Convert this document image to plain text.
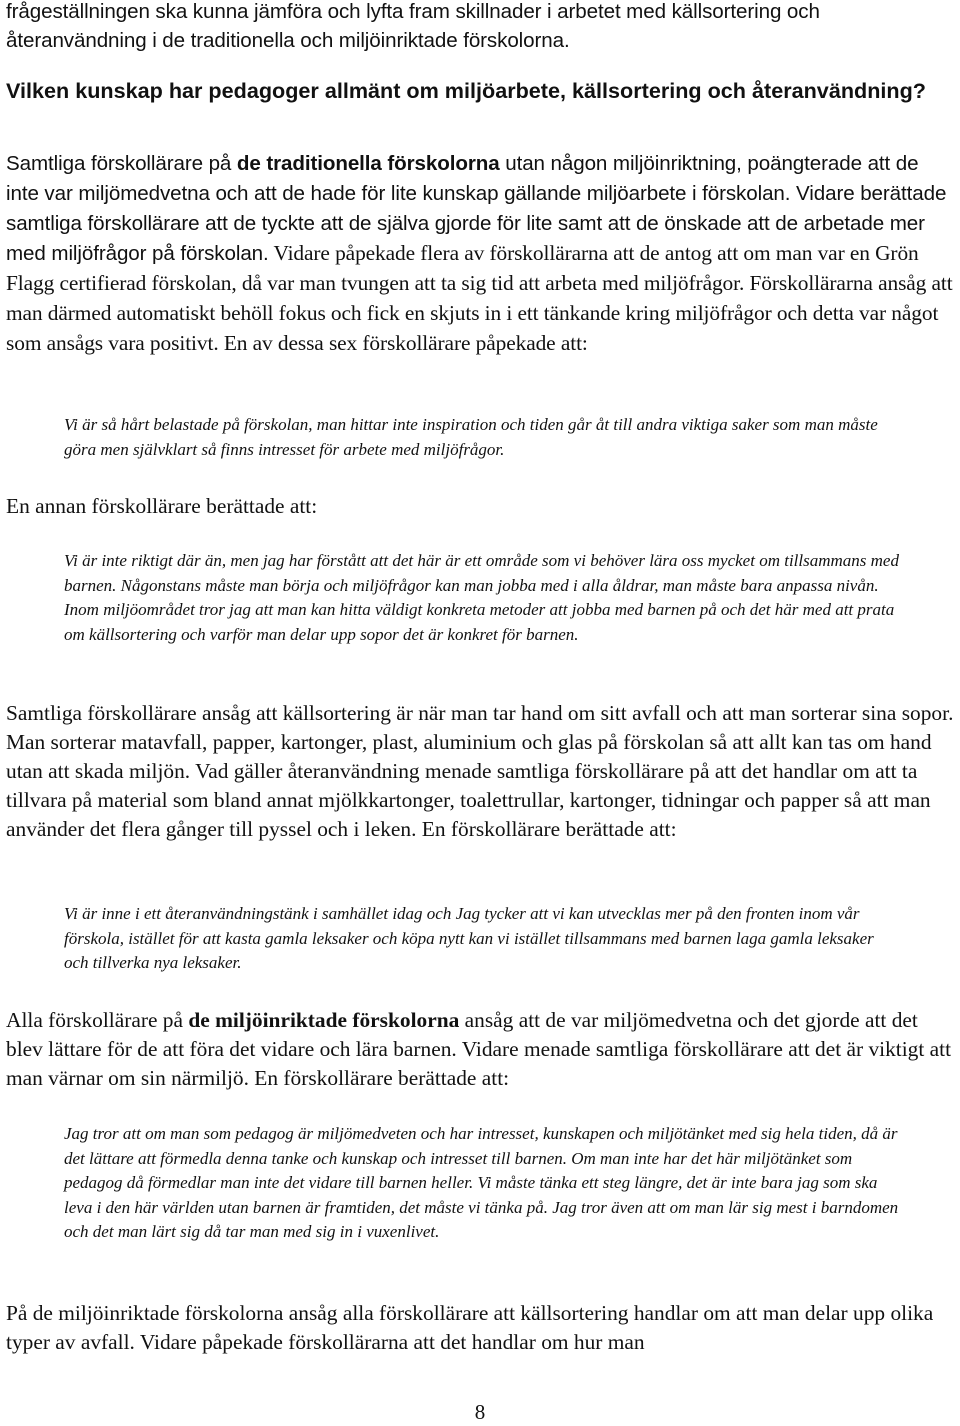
frågeställningen ska kunna jämföra och lyfta fram skillnader i arbetet med källsortering och återanvändning i de traditionella och miljöinriktade förskolorna.

Vilken kunskap har pedagoger allmänt om miljöarbete, källsortering och återanvändning?

Samtliga förskollärare på de traditionella förskolorna utan någon miljöinriktning, poängterade att de inte var miljömedvetna och att de hade för lite kunskap gällande miljöarbete i förskolan. Vidare berättade samtliga förskollärare att de tyckte att de själva gjorde för lite samt att de önskade att de arbetade mer med miljöfrågor på förskolan. Vidare påpekade flera av förskollärarna att de antog att om man var en Grön Flagg certifierad förskolan, då var man tvungen att ta sig tid att arbeta med miljöfrågor. Förskollärarna ansåg att man därmed automatiskt behöll fokus och fick en skjuts in i ett tänkande kring miljöfrågor och detta var något som ansågs vara positivt. En av dessa sex förskollärare påpekade att:

Vi är så hårt belastade på förskolan, man hittar inte inspiration och tiden går åt till andra viktiga saker som man måste göra men självklart så finns intresset för arbete med miljöfrågor.

En annan förskollärare berättade att:

Vi är inte riktigt där än, men jag har förstått att det här är ett område som vi behöver lära oss mycket om tillsammans med barnen. Någonstans måste man börja och miljöfrågor kan man jobba med i alla åldrar, man måste bara anpassa nivån. Inom miljöområdet tror jag att man kan hitta väldigt konkreta metoder att jobba med barnen på och det här med att prata om källsortering och varför man delar upp sopor det är konkret för barnen.

Samtliga förskollärare ansåg att källsortering är när man tar hand om sitt avfall och att man sorterar sina sopor. Man sorterar matavfall, papper, kartonger, plast, aluminium och glas på förskolan så att allt kan tas om hand utan att skada miljön. Vad gäller återanvändning menade samtliga förskollärare på att det handlar om att ta tillvara på material som bland annat mjölkkartonger, toalettrullar, kartonger, tidningar och papper så att man använder det flera gånger till pyssel och i leken. En förskollärare berättade att:

Vi är inne i ett återanvändningstänk i samhället idag och Jag tycker att vi kan utvecklas mer på den fronten inom vår förskola, istället för att kasta gamla leksaker och köpa nytt kan vi istället tillsammans med barnen laga gamla leksaker och tillverka nya leksaker.

Alla förskollärare på de miljöinriktade förskolorna ansåg att de var miljömedvetna och det gjorde att det blev lättare för de att föra det vidare och lära barnen. Vidare menade samtliga förskollärare att det är viktigt att man värnar om sin närmiljö. En förskollärare berättade att:

Jag tror att om man som pedagog är miljömedveten och har intresset, kunskapen och miljötänket med sig hela tiden, då är det lättare att förmedla denna tanke och kunskap och intresset till barnen. Om man inte har det här miljötänket som pedagog då förmedlar man inte det vidare till barnen heller. Vi måste tänka ett steg längre, det är inte bara jag som ska leva i den här världen utan barnen är framtiden, det måste vi tänka på. Jag tror även att om man lär sig mest i barndomen och det man lärt sig då tar man med sig in i vuxenlivet.

På de miljöinriktade förskolorna ansåg alla förskollärare att källsortering handlar om att man delar upp olika typer av avfall. Vidare påpekade förskollärarna att det handlar om hur man

8
